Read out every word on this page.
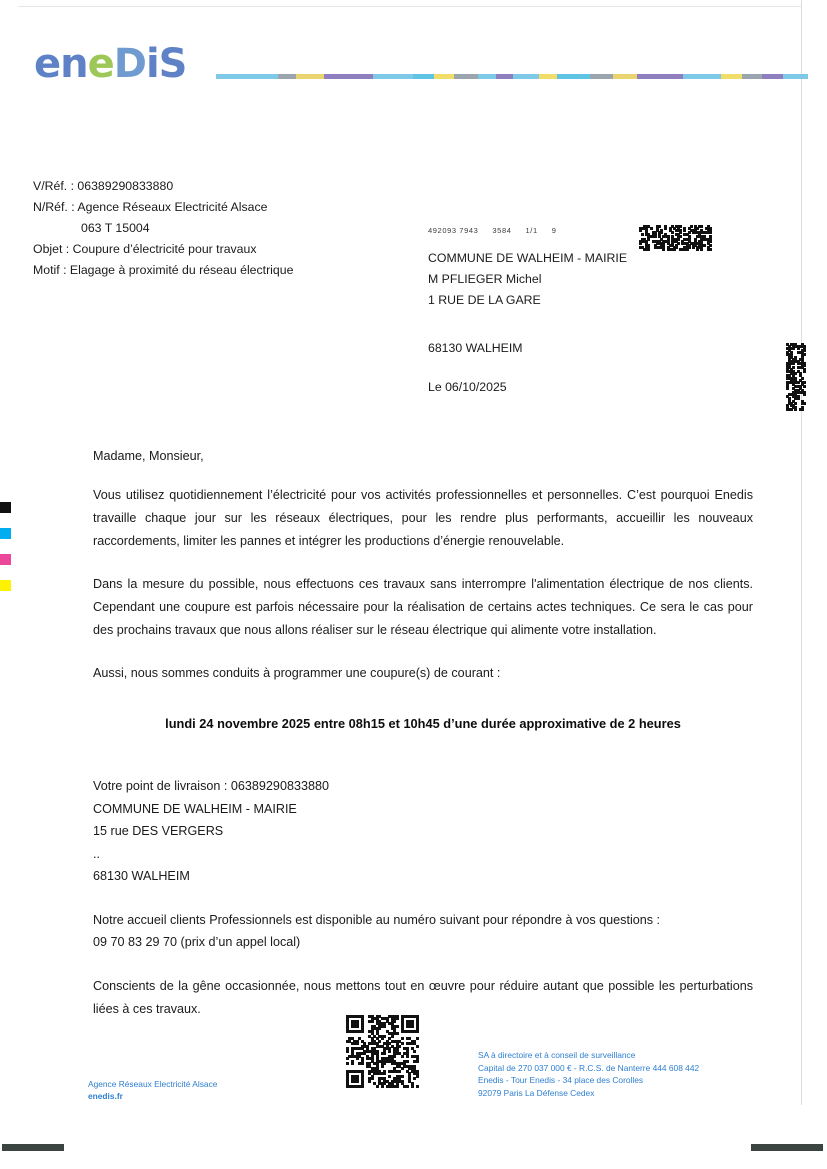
eneDiS
V/Réf. : 06389290833880
N/Réf. : Agence Réseaux Electricité Alsace
063 T 15004
Objet : Coupure d’électricité pour travaux
Motif : Elagage à proximité du réseau électrique
492093 7943 3584 1/1 9
COMMUNE DE WALHEIM - MAIRIE
M PFLIEGER Michel
1 RUE DE LA GARE
68130 WALHEIM
Le 06/10/2025
Madame, Monsieur,

Vous utilisez quotidiennement l’électricité pour vos activités professionnelles et personnelles. C’est pourquoi Enedis travaille chaque jour sur les réseaux électriques, pour les rendre plus performants, accueillir les nouveaux raccordements, limiter les pannes et intégrer les productions d’énergie renouvelable.

Dans la mesure du possible, nous effectuons ces travaux sans interrompre l'alimentation électrique de nos clients. Cependant une coupure est parfois nécessaire pour la réalisation de certains actes techniques. Ce sera le cas pour des prochains travaux que nous allons réaliser sur le réseau électrique qui alimente votre installation.

Aussi, nous sommes conduits à programmer une coupure(s) de courant :

lundi 24 novembre 2025 entre 08h15 et 10h45 d’une durée approximative de 2 heures
Votre point de livraison : 06389290833880
COMMUNE DE WALHEIM - MAIRIE
15 rue DES VERGERS
..
68130 WALHEIM
Notre accueil clients Professionnels est disponible au numéro suivant pour répondre à vos questions :
09 70 83 29 70 (prix d’un appel local)

Conscients de la gêne occasionnée, nous mettons tout en œuvre pour réduire autant que possible les perturbations liées à ces travaux.

Agence Réseaux Electricité Alsace
enedis.fr
SA à directoire et à conseil de surveillance
Capital de 270 037 000 € - R.C.S. de Nanterre 444 608 442
Enedis - Tour Enedis - 34 place des Corolles
92079 Paris La Défense Cedex
